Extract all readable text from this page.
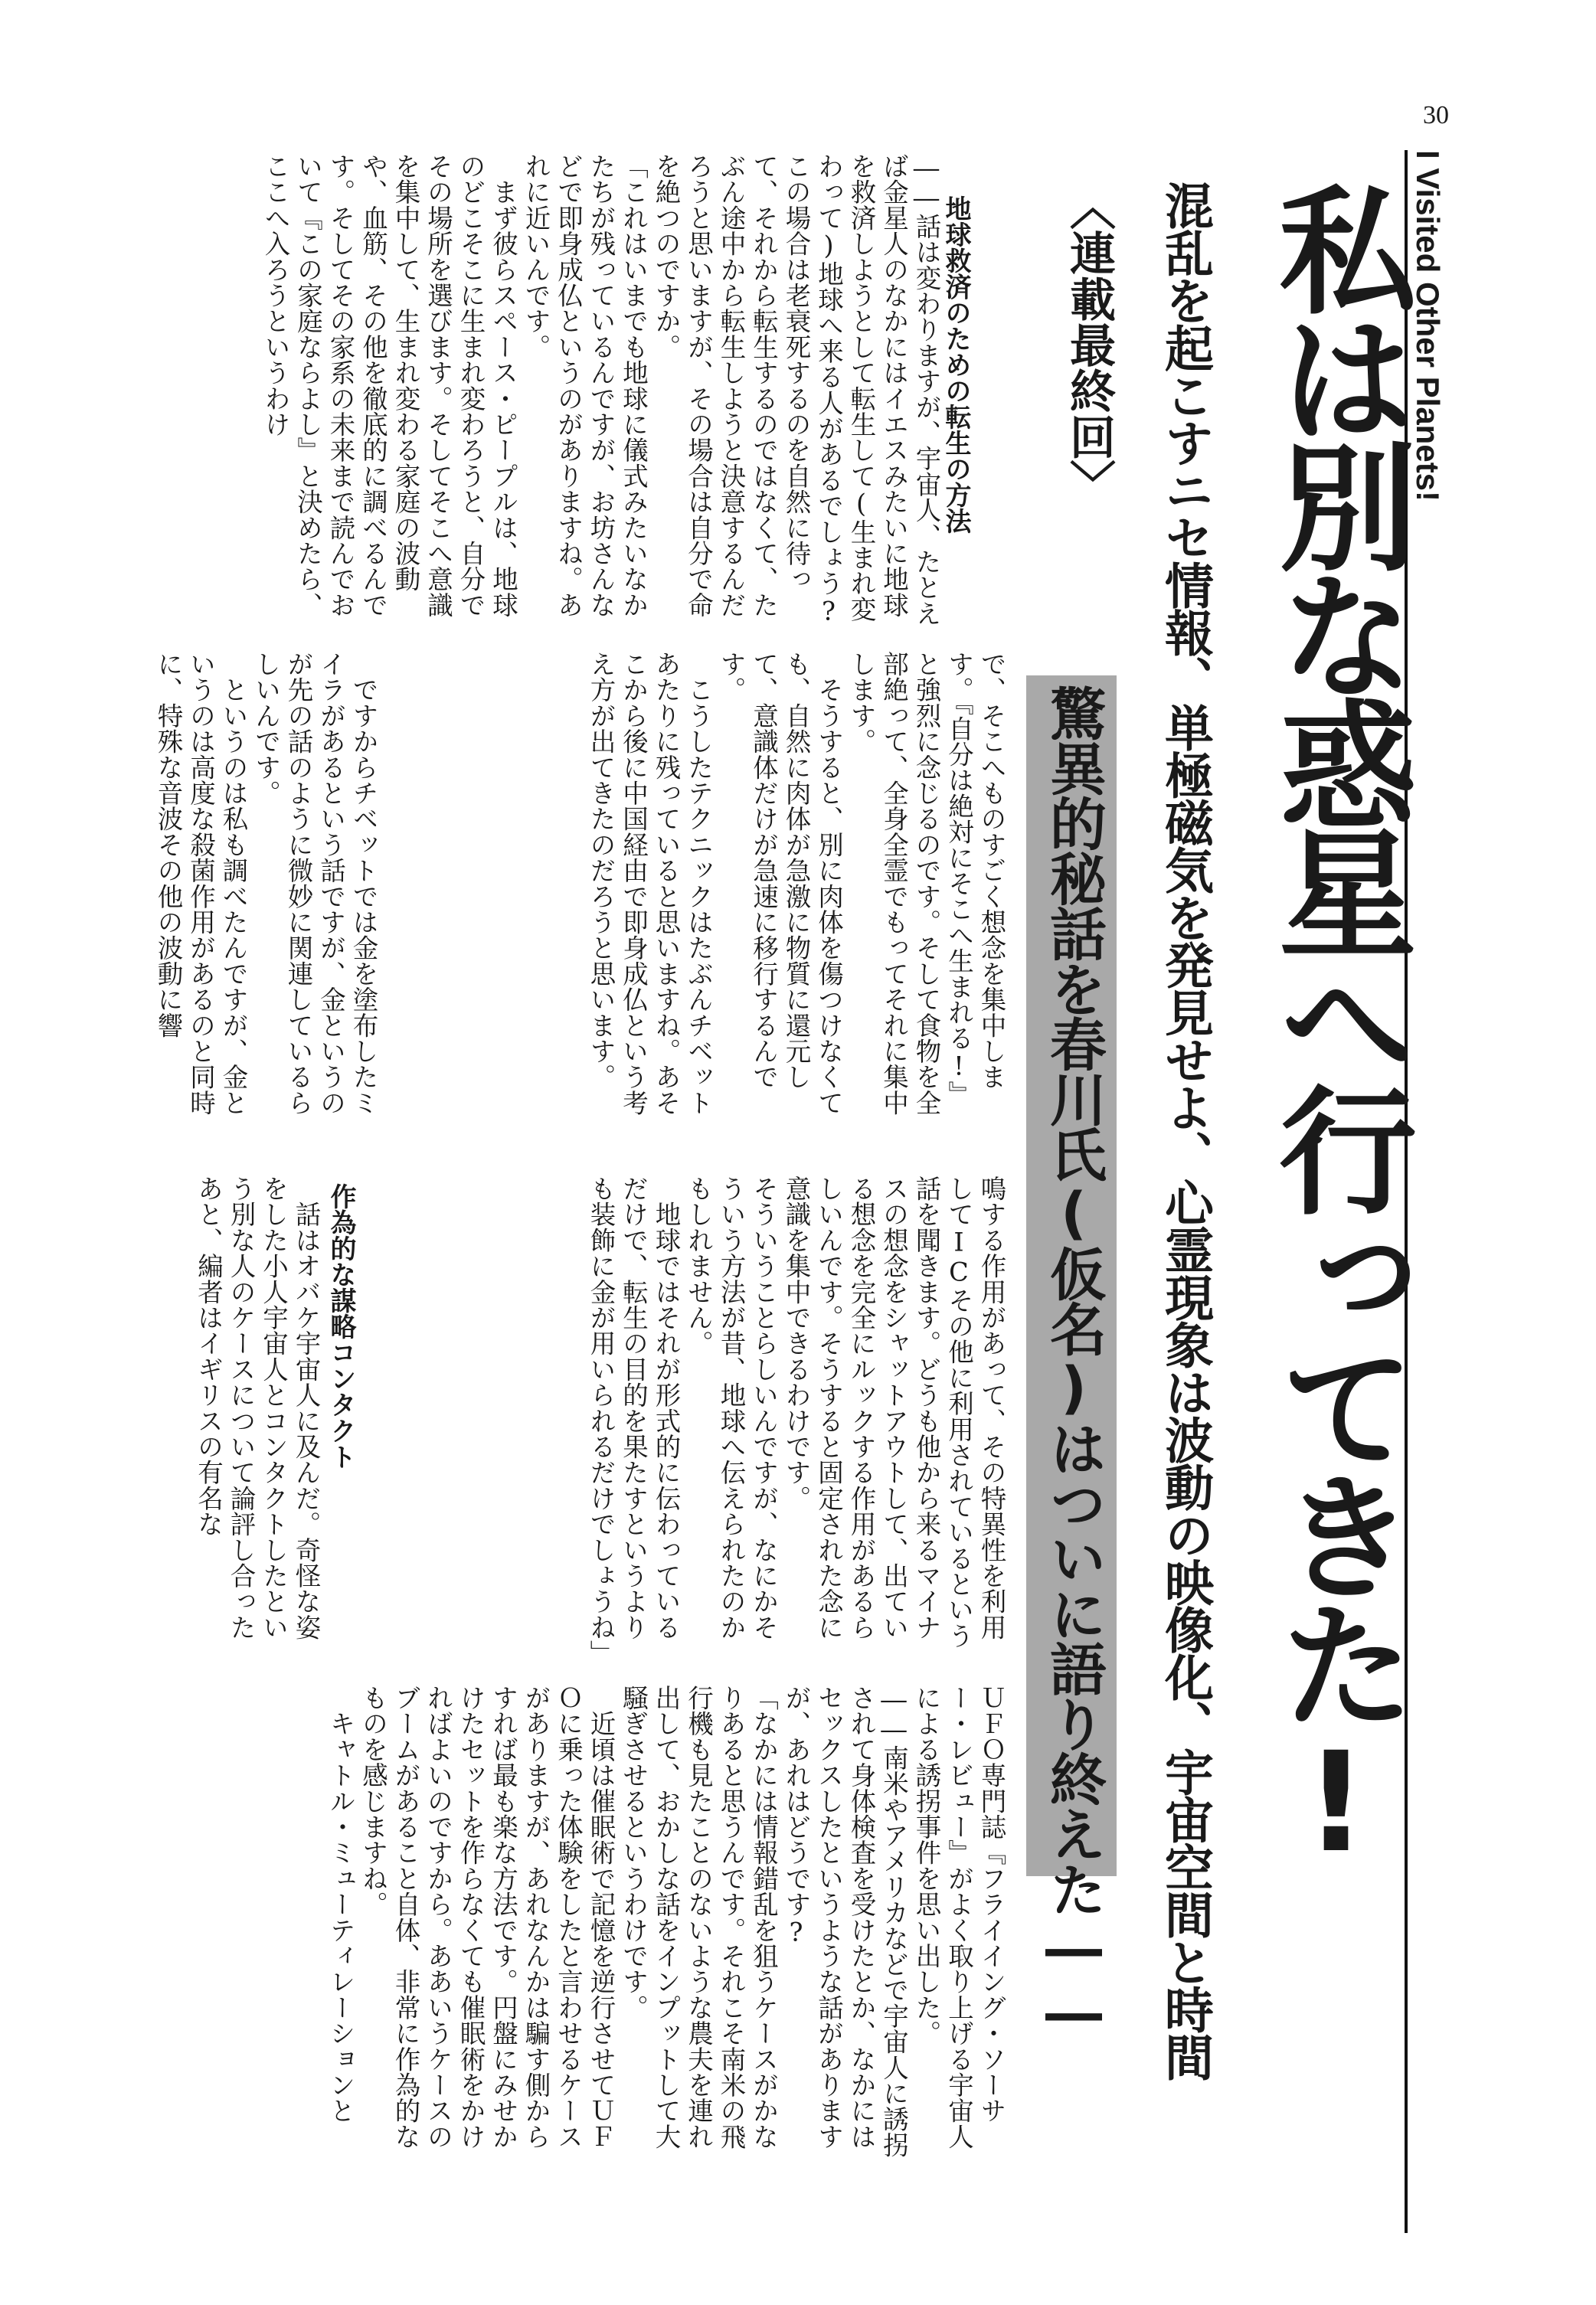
30
I Visited Other Planets!
私は別な惑星へ行ってきた!
混乱を起こすニセ情報、単極磁気を発見せよ、心霊現象は波動の映像化、宇宙空間と時間
〈連載最終回〉
驚異的秘話を春川氏(仮名)はついに語り終えた――
地球救済のための転生の方法
作為的な謀略コンタクト
で、そこへものすごく想念を集中します。『自分は絶対にそこへ生まれる!』と強烈に念じるのです。そして食物を全部絶って、全身全霊でもってそれに集中します。
　そうすると、別に肉体を傷つけなくても、自然に肉体が急激に物質に還元して、意識体だけが急速に移行するんです。
　こうしたテクニックはたぶんチベットあたりに残っていると思いますね。あそこから後に中国経由で即身成仏という考え方が出てきたのだろうと思います。
鳴する作用があって、その特異性を利用してICその他に利用されているという話を聞きます。どうも他から来るマイナスの想念をシャットアウトして、出ている想念を完全にルックする作用があるらしいんです。そうすると固定された念に意識を集中できるわけです。
そういうことらしいんですが、なにかそういう方法が昔、地球へ伝えられたのかもしれません。
　地球ではそれが形式的に伝わっているだけで、転生の目的を果たすというよりも装飾に金が用いられるだけでしょうね」
ＵＦＯ専門誌『フライイング・ソーサー・レビュー』がよく取り上げる宇宙人による誘拐事件を思い出した。
――南米やアメリカなどで宇宙人に誘拐されて身体検査を受けたとか、なかにはセックスしたというような話がありますが、あれはどうです?
「なかには情報錯乱を狙うケースがかなりあると思うんです。それこそ南米の飛行機も見たことのないような農夫を連れ出して、おかしな話をインプットして大騒ぎさせるというわけです。
　近頃は催眠術で記憶を逆行させてＵＦＯに乗った体験をしたと言わせるケースがありますが、あれなんかは騙す側からすれば最も楽な方法です。円盤にみせかけたセットを作らなくても催眠術をかければよいのですから。ああいうケースのブームがあること自体、非常に作為的なものを感じますね。
　キャトル・ミューティレーションと
――話は変わりますが、宇宙人、たとえば金星人のなかにはイエスみたいに地球を救済しようとして転生して(生まれ変わって)地球へ来る人があるでしょう? この場合は老衰死するのを自然に待って、それから転生するのではなくて、たぶん途中から転生しようと決意するんだろうと思いますが、その場合は自分で命を絶つのですか。
「これはいまでも地球に儀式みたいなかたちが残っているんですが、お坊さんなどで即身成仏というのがありますね。あれに近いんです。
　まず彼らスペース・ピープルは、地球のどこそこに生まれ変わろうと、自分でその場所を選びます。そしてそこへ意識を集中して、生まれ変わる家庭の波動や、血筋、その他を徹底的に調べるんです。そしてその家系の未来まで読んでおいて『この家庭ならよし』と決めたら、ここへ入ろうというわけ
　ですからチベットでは金を塗布したミイラがあるという話ですが、金というのが先の話のように微妙に関連しているらしいんです。
　というのは私も調べたんですが、金というのは高度な殺菌作用があるのと同時に、特殊な音波その他の波動に響
　話はオバケ宇宙人に及んだ。奇怪な姿をした小人宇宙人とコンタクトしたという別な人のケースについて論評し合ったあと、編者はイギリスの有名な
